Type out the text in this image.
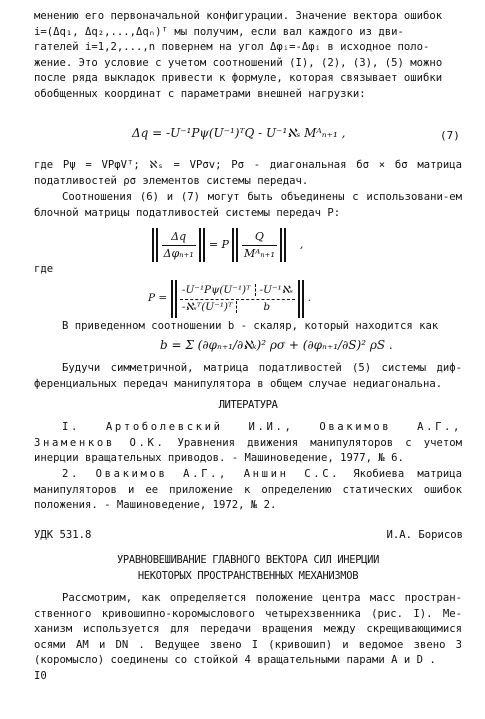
менению его первоначальной конфигурации. Значение вектора ошибок

i=(Δq₁, Δq₂,...,Δqₙ)ᵀ мы получим, если вал каждого из дви-

гателей i=1,2,...,n повернем на угол Δφᵢ=-Δφᵢ в исходное поло-

жение. Это условие с учетом соотношений (I), (2), (3), (5) можно

после ряда выкладок привести к формуле, которая связывает ошибки

обобщенных координат с параметрами внешней нагрузки:

Δq = -U⁻¹Pψ(U⁻¹)ᵀQ - U⁻¹ℵₛ Mᴬₙ₊₁ ,	(7)

где Pψ = VPφVᵀ; ℵₛ = VPσv; Pσ - диагональная бσ × бσ матрица податливостей ρσ элементов системы передач.

Соотношения (6) и (7) могут быть объединены с использовани-ем блочной матрицы податливостей системы передач P:

Δq
Δφₙ₊₁
= P
Q
Mᴬₙ₊₁
,
где
P =
-U⁻¹Pψ(U⁻¹)ᵀ -U⁻¹ℵₛ
-ℵₛᵀ(U⁻¹)ᵀ	b
.

В приведенном соотношении b - скаляр, который находится как

b = Σ (∂φₙ₊₁/∂ℵₖ)² ρσ + (∂φₙ₊₁/∂S)² ρS .

Будучи симметричной, матрица податливостей (5) системы диф-ференциальных передач манипулятора в общем случае недиагональна.

ЛИТЕРАТУРА

I. Артоболевский И.И., Овакимов А.Г., Знаменков О.К. Уравнения движения манипуляторов с учетом инерции вращательных приводов. - Машиноведение, 1977, № 6.

2. Овакимов А.Г., Аншин С.С. Якобиева матрица манипуляторов и ее приложение к определению статических ошибок положения. - Машиноведение, 1972, № 2.

УДК 531.8	И.А. Борисов
УРАВНОВЕШИВАНИЕ ГЛАВНОГО ВЕКТОРА СИЛ ИНЕРЦИИ
НЕКОТОРЫХ ПРОСТРАНСТВЕННЫХ МЕХАНИЗМОВ

Рассмотрим, как определяется положение центра масс простран-ственного кривошипно-коромыслового четырехзвенника (рис. I). Ме-ханизм используется для передачи вращения между скрещивающимися осями AM и DN . Ведущее звено I (кривошип) и ведомое звено 3 (коромысло) соединены со стойкой 4 вращательными парами A и D .

I0
